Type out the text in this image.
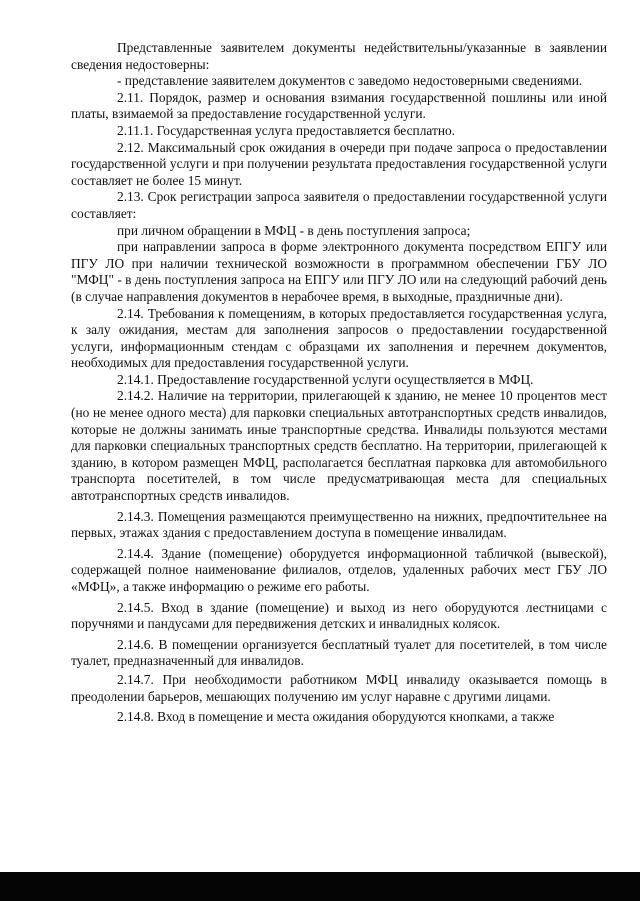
Представленные заявителем документы недействительны/указанные в заявлении сведения недостоверны:

- представление заявителем документов с заведомо недостоверными сведениями.

2.11. Порядок, размер и основания взимания государственной пошлины или иной платы, взимаемой за предоставление государственной услуги.

2.11.1. Государственная услуга предоставляется бесплатно.

2.12. Максимальный срок ожидания в очереди при подаче запроса о предоставлении государственной услуги и при получении результата предоставления государственной услуги составляет не более 15 минут.

2.13. Срок регистрации запроса заявителя о предоставлении государственной услуги составляет:

при личном обращении в МФЦ - в день поступления запроса;

при направлении запроса в форме электронного документа посредством ЕПГУ или ПГУ ЛО при наличии технической возможности в программном обеспечении ГБУ ЛО "МФЦ" - в день поступления запроса на ЕПГУ или ПГУ ЛО или на следующий рабочий день (в случае направления документов в нерабочее время, в выходные, праздничные дни).

2.14. Требования к помещениям, в которых предоставляется государственная услуга, к залу ожидания, местам для заполнения запросов о предоставлении государственной услуги, информационным стендам с образцами их заполнения и перечнем документов, необходимых для предоставления государственной услуги.

2.14.1. Предоставление государственной услуги осуществляется в МФЦ.

2.14.2. Наличие на территории, прилегающей к зданию, не менее 10 процентов мест (но не менее одного места) для парковки специальных автотранспортных средств инвалидов, которые не должны занимать иные транспортные средства. Инвалиды пользуются местами для парковки специальных транспортных средств бесплатно. На территории, прилегающей к зданию, в котором размещен МФЦ, располагается бесплатная парковка для автомобильного транспорта посетителей, в том числе предусматривающая места для специальных автотранспортных средств инвалидов.

2.14.3. Помещения размещаются преимущественно на нижних, предпочтительнее на первых, этажах здания с предоставлением доступа в помещение инвалидам.

2.14.4. Здание (помещение) оборудуется информационной табличкой (вывеской), содержащей полное наименование филиалов, отделов, удаленных рабочих мест ГБУ ЛО «МФЦ», а также информацию о режиме его работы.

2.14.5. Вход в здание (помещение) и выход из него оборудуются лестницами с поручнями и пандусами для передвижения детских и инвалидных колясок.

2.14.6. В помещении организуется бесплатный туалет для посетителей, в том числе туалет, предназначенный для инвалидов.

2.14.7. При необходимости работником МФЦ инвалиду оказывается помощь в преодолении барьеров, мешающих получению им услуг наравне с другими лицами.

2.14.8. Вход в помещение и места ожидания оборудуются кнопками, а также
